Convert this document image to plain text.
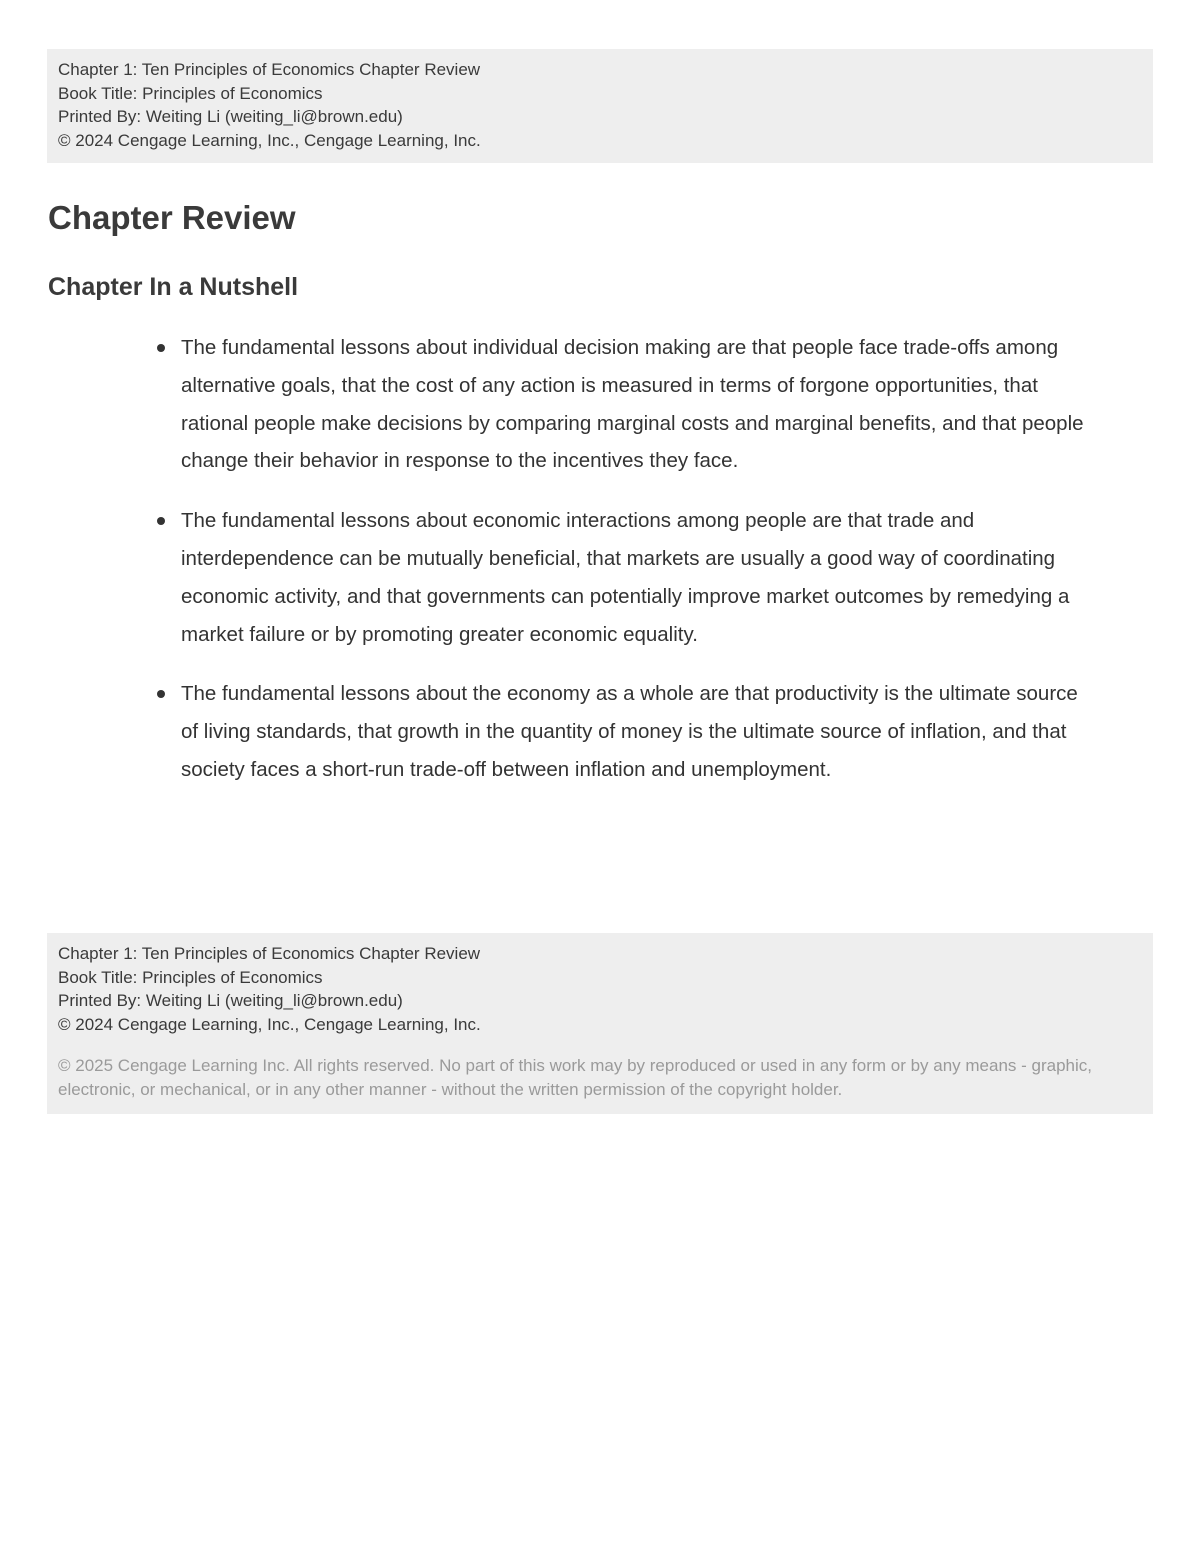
Chapter 1: Ten Principles of Economics Chapter Review
Book Title: Principles of Economics
Printed By: Weiting Li (weiting_li@brown.edu)
© 2024 Cengage Learning, Inc., Cengage Learning, Inc.
Chapter Review
Chapter In a Nutshell
The fundamental lessons about individual decision making are that people face trade-offs among alternative goals, that the cost of any action is measured in terms of forgone opportunities, that rational people make decisions by comparing marginal costs and marginal benefits, and that people change their behavior in response to the incentives they face.
The fundamental lessons about economic interactions among people are that trade and interdependence can be mutually beneficial, that markets are usually a good way of coordinating economic activity, and that governments can potentially improve market outcomes by remedying a market failure or by promoting greater economic equality.
The fundamental lessons about the economy as a whole are that productivity is the ultimate source of living standards, that growth in the quantity of money is the ultimate source of inflation, and that society faces a short-run trade-off between inflation and unemployment.
Chapter 1: Ten Principles of Economics Chapter Review
Book Title: Principles of Economics
Printed By: Weiting Li (weiting_li@brown.edu)
© 2024 Cengage Learning, Inc., Cengage Learning, Inc.
© 2025 Cengage Learning Inc. All rights reserved. No part of this work may by reproduced or used in any form or by any means - graphic, electronic, or mechanical, or in any other manner - without the written permission of the copyright holder.
